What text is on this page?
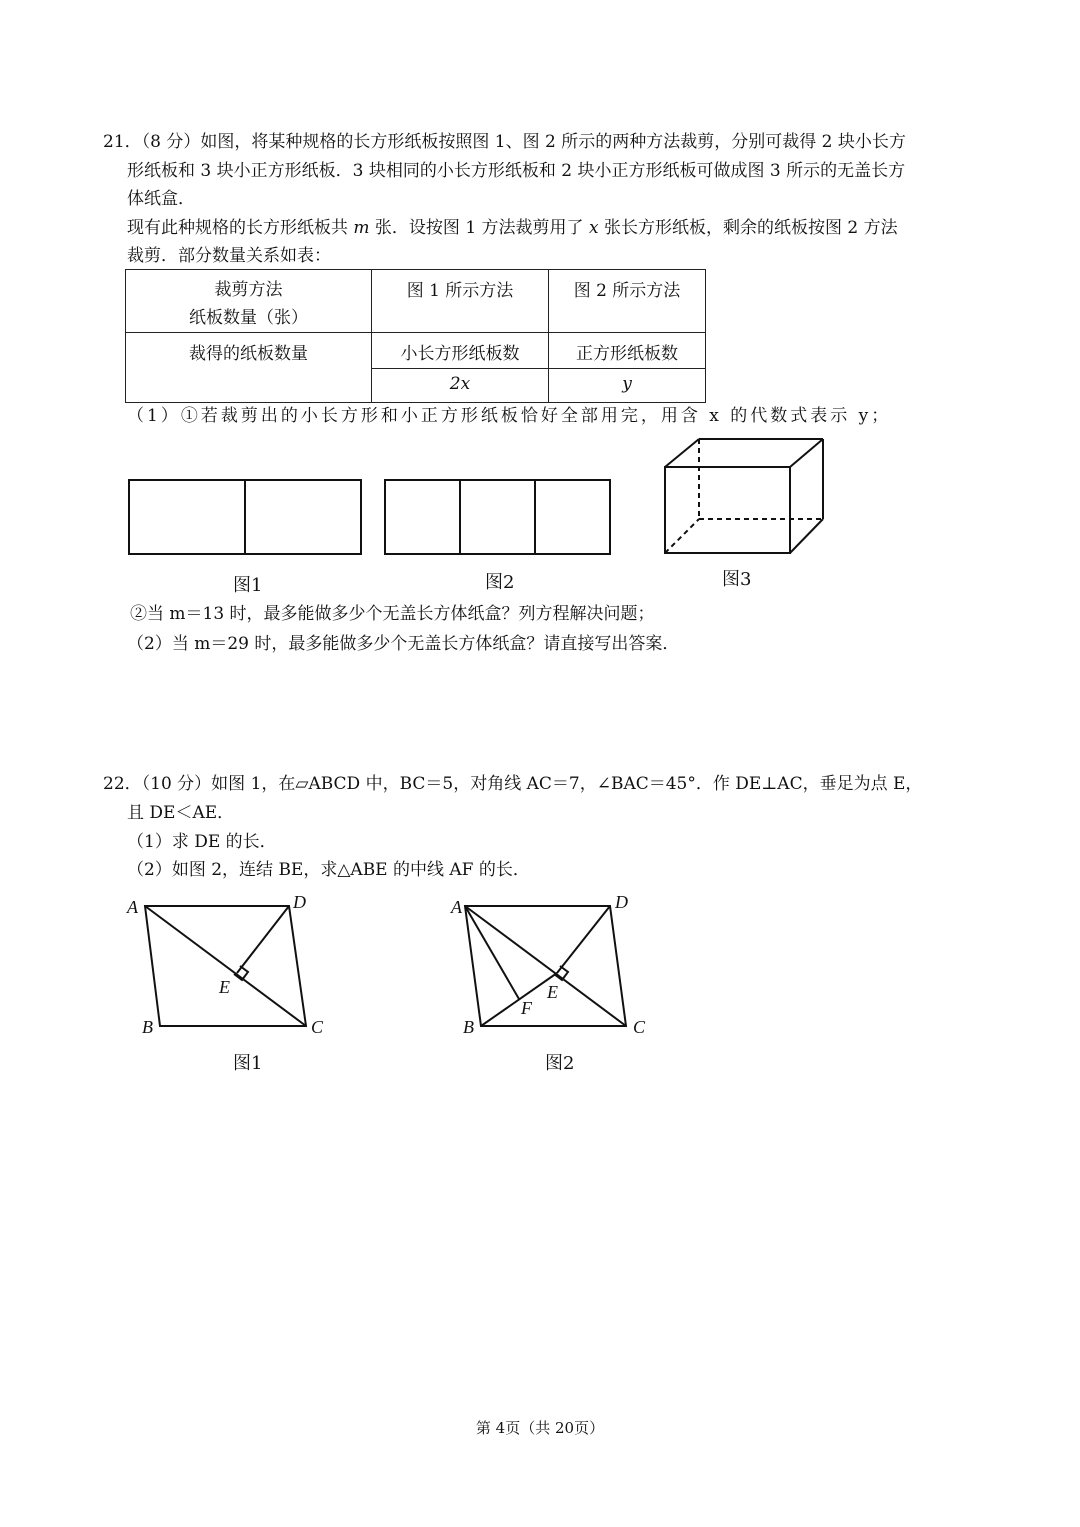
21．（8 分）如图，将某种规格的长方形纸板按照图 1、图 2 所示的两种方法裁剪，分别可裁得 2 块小长方
形纸板和 3 块小正方形纸板．3 块相同的小长方形纸板和 2 块小正方形纸板可做成图 3 所示的无盖长方
体纸盒．
现有此种规格的长方形纸板共 m 张．设按图 1 方法裁剪用了 x 张长方形纸板，剩余的纸板按图 2 方法
裁剪．部分数量关系如表：
裁剪方法
纸板数量（张）	图 1 所示方法	图 2 所示方法
裁得的纸板数量	小长方形纸板数	正方形纸板数
	2x	y
（1）①若裁剪出的小长方形和小正方形纸板恰好全部用完，用含 x 的代数式表示 y；
A	D
E
B	C
A	D
E
F
B	C
图1	图2	图3
②当 m＝13 时，最多能做多少个无盖长方体纸盒？列方程解决问题；
（2）当 m＝29 时，最多能做多少个无盖长方体纸盒？请直接写出答案．
22．（10 分）如图 1，在▱ABCD 中，BC＝5，对角线 AC＝7，∠BAC＝45°．作 DE⊥AC，垂足为点 E，
且 DE＜AE．
（1）求 DE 的长．
（2）如图 2，连结 BE，求△ABE 的中线 AF 的长．
图1	图2
第 4页（共 20页）
